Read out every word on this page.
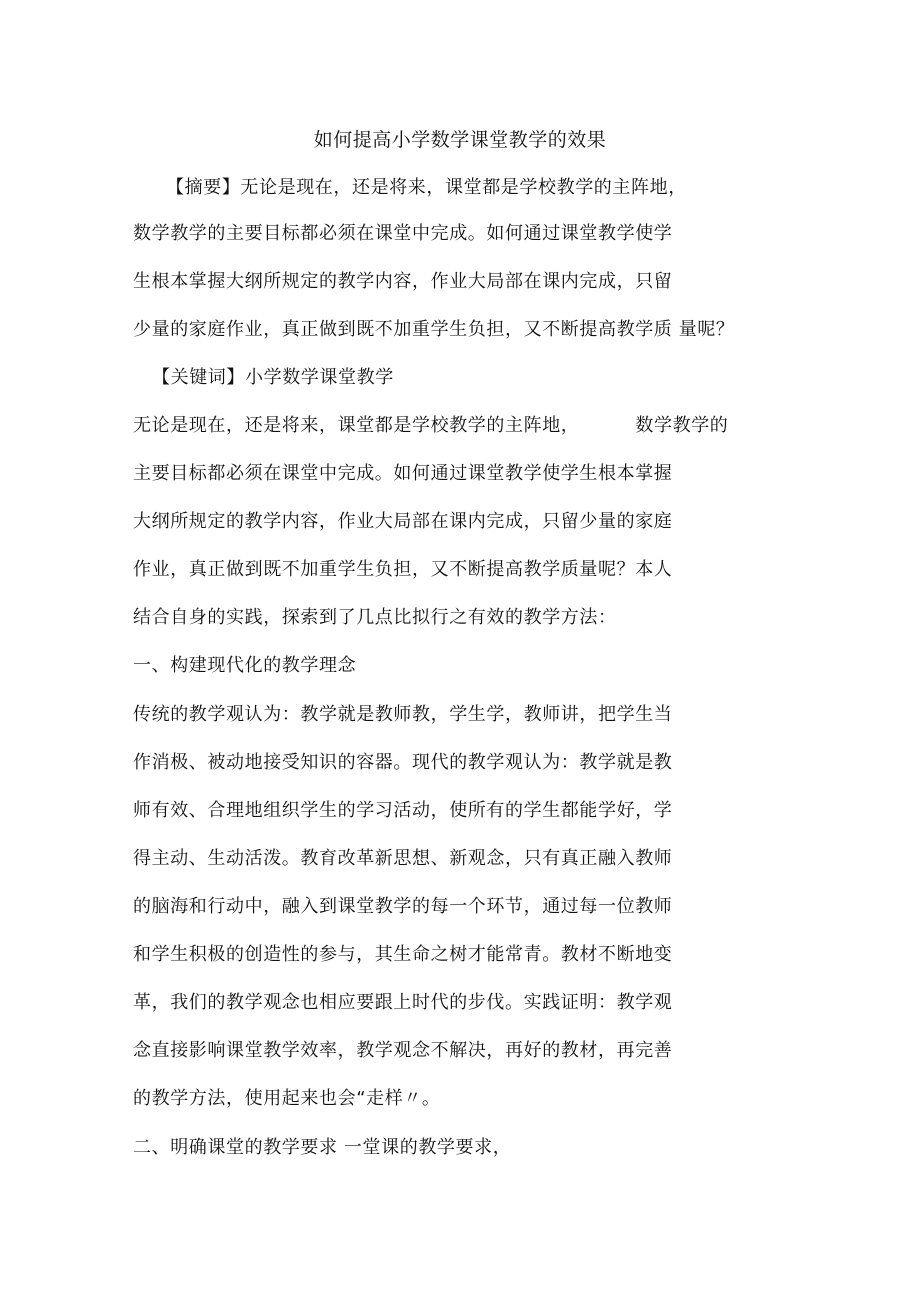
如何提高小学数学课堂教学的效果
【摘要】无论是现在，还是将来，课堂都是学校教学的主阵地，
数学教学的主要目标都必须在课堂中完成。如何通过课堂教学使学
生根本掌握大纲所规定的教学内容，作业大局部在课内完成，只留
少量的家庭作业，真正做到既不加重学生负担，又不断提高教学质 量呢？
【关键词】小学数学课堂教学
无论是现在，还是将来，课堂都是学校教学的主阵地，	数学教学的
主要目标都必须在课堂中完成。如何通过课堂教学使学生根本掌握
大纲所规定的教学内容，作业大局部在课内完成，只留少量的家庭
作业，真正做到既不加重学生负担，又不断提高教学质量呢？本人
结合自身的实践，探索到了几点比拟行之有效的教学方法：
一、构建现代化的教学理念
传统的教学观认为：教学就是教师教，学生学，教师讲，把学生当
作消极、被动地接受知识的容器。现代的教学观认为：教学就是教
师有效、合理地组织学生的学习活动，使所有的学生都能学好，学
得主动、生动活泼。教育改革新思想、新观念，只有真正融入教师
的脑海和行动中，融入到课堂教学的每一个环节，通过每一位教师
和学生积极的创造性的参与，其生命之树才能常青。教材不断地变
革，我们的教学观念也相应要跟上时代的步伐。实践证明：教学观
念直接影响课堂教学效率，教学观念不解决，再好的教材，再完善
的教学方法，使用起来也会“走样〃。
二、明确课堂的教学要求 一堂课的教学要求，
